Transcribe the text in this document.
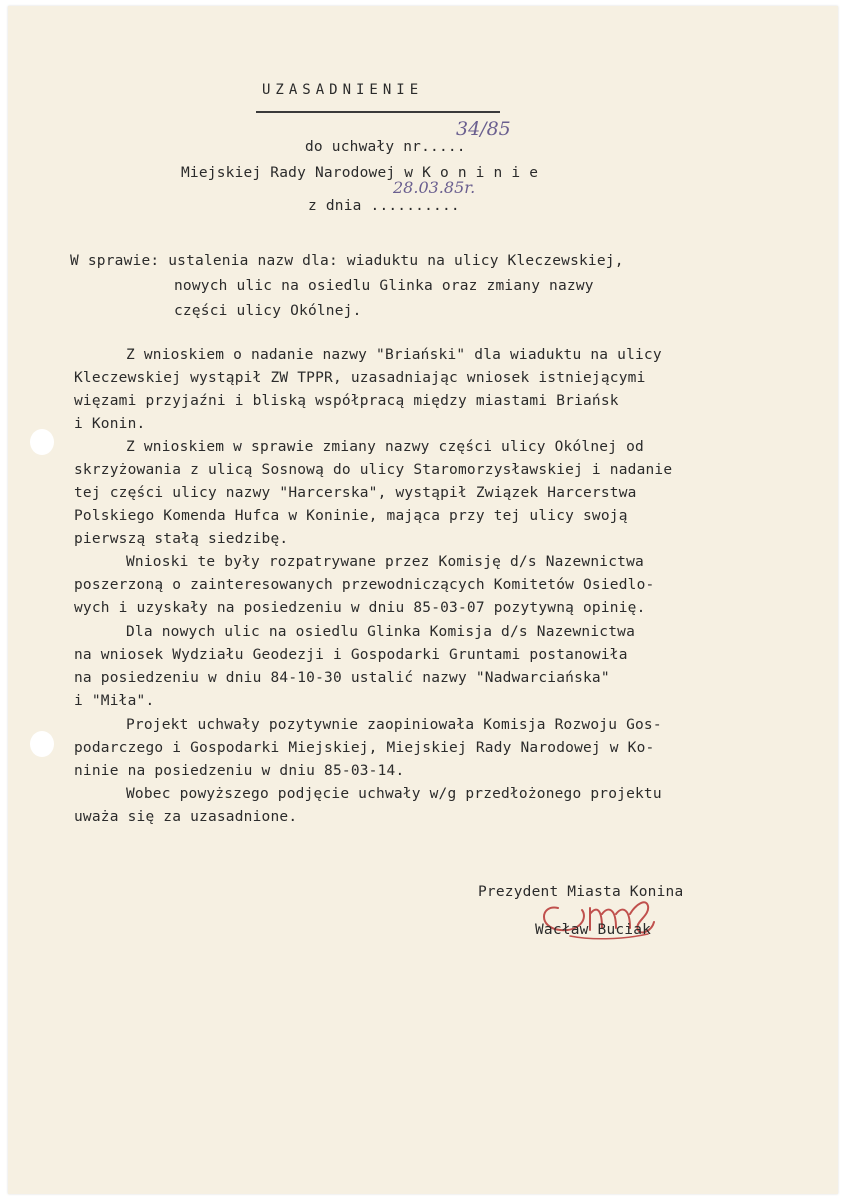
UZASADNIENIE
do uchwały nr.....
34/85
Miejskiej Rady Narodowej w K o n i n i e
z dnia ..........
28.03.85r.
W sprawie: ustalenia nazw dla: wiaduktu na ulicy Kleczewskiej,
nowych ulic na osiedlu Glinka oraz zmiany nazwy
części ulicy Okólnej.
Z wnioskiem o nadanie nazwy "Briański" dla wiaduktu na ulicy
Kleczewskiej wystąpił ZW TPPR, uzasadniając wniosek istniejącymi
więzami przyjaźni i bliską współpracą między miastami Briańsk
i Konin.
Z wnioskiem w sprawie zmiany nazwy części ulicy Okólnej od
skrzyżowania z ulicą Sosnową do ulicy Staromorzysławskiej i nadanie
tej części ulicy nazwy "Harcerska", wystąpił Związek Harcerstwa
Polskiego Komenda Hufca w Koninie, mająca przy tej ulicy swoją
pierwszą stałą siedzibę.
Wnioski te były rozpatrywane przez Komisję d/s Nazewnictwa
poszerzoną o zainteresowanych przewodniczących Komitetów Osiedlo-
wych i uzyskały na posiedzeniu w dniu 85-03-07 pozytywną opinię.
Dla nowych ulic na osiedlu Glinka Komisja d/s Nazewnictwa
na wniosek Wydziału Geodezji i Gospodarki Gruntami postanowiła
na posiedzeniu w dniu 84-10-30 ustalić nazwy "Nadwarciańska"
i "Miła".
Projekt uchwały pozytywnie zaopiniowała Komisja Rozwoju Gos-
podarczego i Gospodarki Miejskiej, Miejskiej Rady Narodowej w Ko-
ninie na posiedzeniu w dniu 85-03-14.
Wobec powyższego podjęcie uchwały w/g przedłożonego projektu
uważa się za uzasadnione.
Prezydent Miasta Konina
Wacław Buciak
